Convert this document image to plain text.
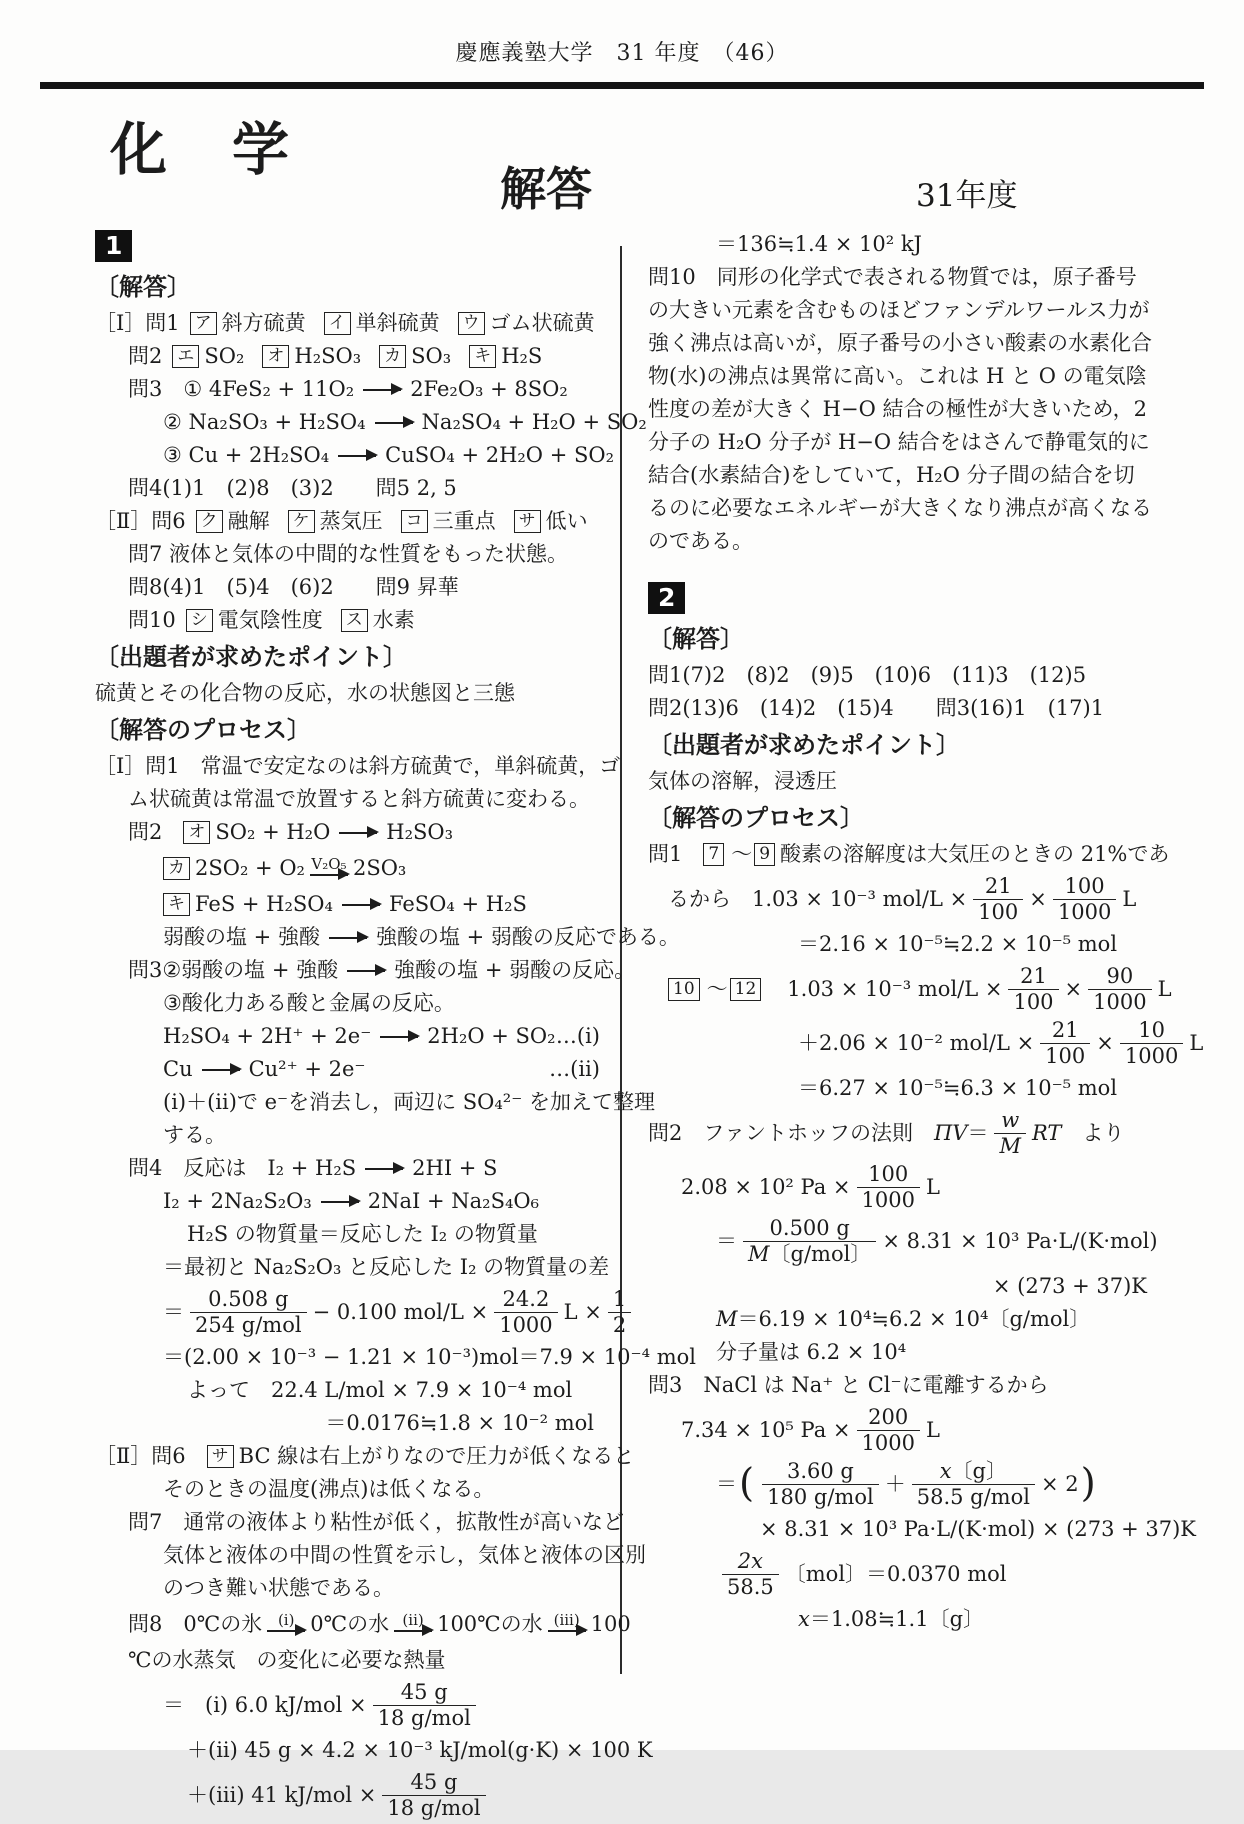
慶應義塾大学　31 年度　（46）
化　学
解答	31年度
1
〔解答〕
［Ⅰ］問1 ア 斜方硫黄 イ 単斜硫黄 ウ ゴム状硫黄
問2 エ SO₂ オ H₂SO₃ カ SO₃ キ H₂S
問3　① 4FeS₂ + 11O₂	2Fe₂O₃ + 8SO₂
② Na₂SO₃ + H₂SO₄	Na₂SO₄ + H₂O + SO₂
③ Cu + 2H₂SO₄	CuSO₄ + 2H₂O + SO₂
問4(1)1　(2)8　(3)2　　問5 2, 5
［Ⅱ］問6 ク 融解 ケ 蒸気圧 コ 三重点 サ 低い
問7 液体と気体の中間的な性質をもった状態。
問8(4)1　(5)4　(6)2　　問9 昇華
問10 シ 電気陰性度 ス 水素
〔出題者が求めたポイント〕
硫黄とその化合物の反応，水の状態図と三態
〔解答のプロセス〕
［Ⅰ］問1　常温で安定なのは斜方硫黄で，単斜硫黄，ゴ
ム状硫黄は常温で放置すると斜方硫黄に変わる。
問2　 オ SO₂ + H₂O	H₂SO₃
カ 2SO₂ + O₂ V₂O₅ 2SO₃
キ FeS + H₂SO₄	FeSO₄ + H₂S
弱酸の塩 + 強酸	強酸の塩 + 弱酸の反応である。
問3②弱酸の塩 + 強酸	強酸の塩 + 弱酸の反応。
③酸化力ある酸と金属の反応。
H₂SO₄ + 2H⁺ + 2e⁻	2H₂O + SO₂ …(i)
Cu	Cu²⁺ + 2e⁻	…(ii)
(i)＋(ii)で e⁻を消去し，両辺に SO₄²⁻ を加えて整理
する。
問4　反応は　I₂ + H₂S	2HI + S
I₂ + 2Na₂S₂O₃	2NaI + Na₂S₄O₆
H₂S の物質量＝反応した I₂ の物質量
＝最初と Na₂S₂O₃ と反応した I₂ の物質量の差
＝ $\frac{0.508 g}{\text{254 g/mol}} - 0.100$ $mol/L \times \frac{24.2}{1000}$ $L \times \frac{1}{2}$
＝(2.00 × 10⁻³ − 1.21 × 10⁻³)mol＝7.9 × 10⁻⁴ mol
よって　22.4 L/mol × 7.9 × 10⁻⁴ mol
＝0.0176≒1.8 × 10⁻² mol
［Ⅱ］問6　 サ BC 線は右上がりなので圧力が低くなると
そのときの温度(沸点)は低くなる。
問7　通常の液体より粘性が低く，拡散性が高いなど
気体と液体の中間の性質を示し，気体と液体の区別
のつき難い状態である。
問8　0℃の氷 (i) 0℃の水 (ii) 100℃の水 (iii) 100
℃の水蒸気　の変化に必要な熱量
＝　(i) 6.0 $kJ/mol \times \frac{45 g}{\text{18 g/mol}}$
＋(ii) 45 g × 4.2 × 10⁻³ kJ/mol(g·K) × 100 K
＋(iii) 41 $kJ/mol \times \frac{45 g}{\text{18 g/mol}}$
＝136≒1.4 × 10² kJ
問10　同形の化学式で表される物質では，原子番号
の大きい元素を含むものほどファンデルワールス力が
強く沸点は高いが，原子番号の小さい酸素の水素化合
物(水)の沸点は異常に高い。これは H と O の電気陰
性度の差が大きく H−O 結合の極性が大きいため，2
分子の H₂O 分子が H−O 結合をはさんで静電気的に
結合(水素結合)をしていて，H₂O 分子間の結合を切
るのに必要なエネルギーが大きくなり沸点が高くなる
のである。
2
〔解答〕
問1(7)2　(8)2　(9)5　(10)6　(11)3　(12)5
問2(13)6　(14)2　(15)4　　問3(16)1　(17)1
〔出題者が求めたポイント〕
気体の溶解，浸透圧
〔解答のプロセス〕
問1　 7 ～ 9 酸素の溶解度は大気圧のときの 21%であ
るから　1.03 × 10⁻³ $mol/L \times \frac{21}{100} \times \frac{100}{1000}$ L
＝2.16 × 10⁻⁵≒2.2 × 10⁻⁵ mol
10 ～ 12 　1.03 × 10⁻³ $mol/L \times \frac{21}{100} \times \frac{90}{1000}$ L
＋2.06 × 10⁻² $mol/L \times \frac{21}{100} \times \frac{10}{1000}$ L
＝6.27 × 10⁻⁵≒6.3 × 10⁻⁵ mol
問2　ファントホッフの法則　 $\Pi V = \frac{w}{M}$ RT 　より
2.08 × 10² $Pa \times \frac{100}{1000}$ L
＝ $\frac{0.500 g}{\text{M〔g/mol〕}} \times 8.31 \times 10^3$ Pa·L/(K·mol)
× (273 + 37)K
M ＝6.19 × 10⁴≒6.2 × 10⁴〔g/mol〕
分子量は 6.2 × 10⁴
問3　NaCl は Na⁺ と Cl⁻に電離するから
7.34 × 10⁵ $Pa \times \frac{200}{1000}$ L
＝ ( $\frac{3.60 g}{\text{180 g/mol}} + \frac{x〔g〕}{\text{58.5 g/mol}} \times 2$ )
× 8.31 × 10³ Pa·L/(K·mol) × (273 + 37)K
$\frac{2x}{58.5}$ 〔mol〕＝0.0370 mol
x ＝1.08≒1.1〔g〕
